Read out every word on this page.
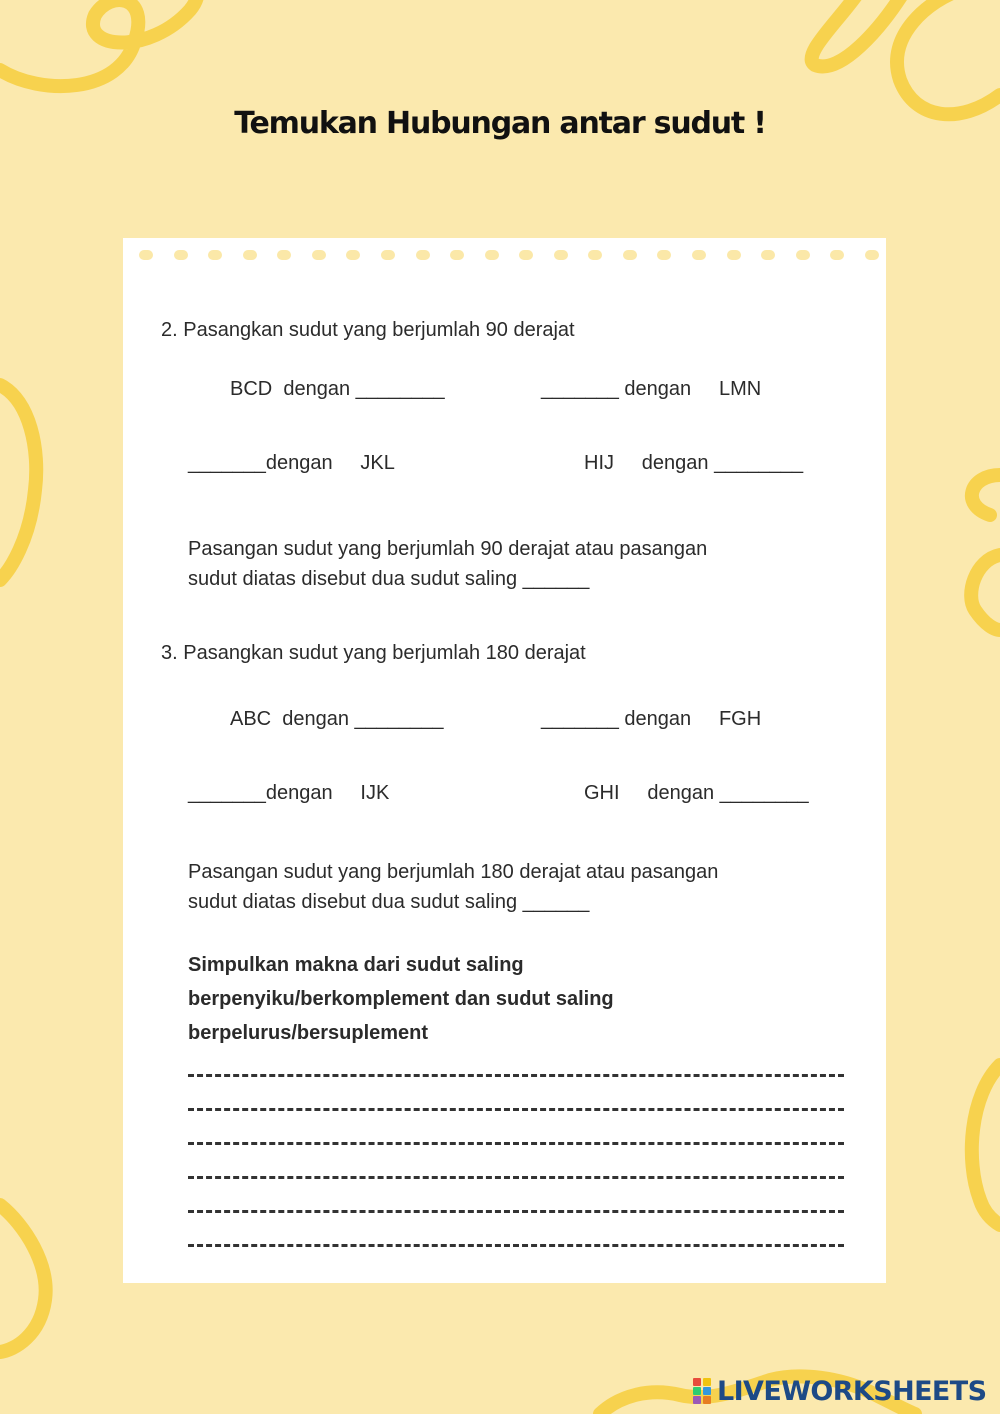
Temukan Hubungan antar sudut !

2. Pasangkan sudut yang berjumlah 90 derajat

BCD  dengan ________	_______ dengan     LMN

_______dengan     JKL	HIJ     dengan ________

Pasangan sudut yang berjumlah 90 derajat atau pasangan

sudut diatas disebut dua sudut saling ______

3. Pasangkan sudut yang berjumlah 180 derajat

ABC  dengan ________	_______ dengan     FGH

_______dengan     IJK	GHI     dengan ________

Pasangan sudut yang berjumlah 180 derajat atau pasangan

sudut diatas disebut dua sudut saling ______

Simpulkan makna dari sudut saling

berpenyiku/berkomplement dan sudut saling

berpelurus/bersuplement

LIVEWORKSHEETS
